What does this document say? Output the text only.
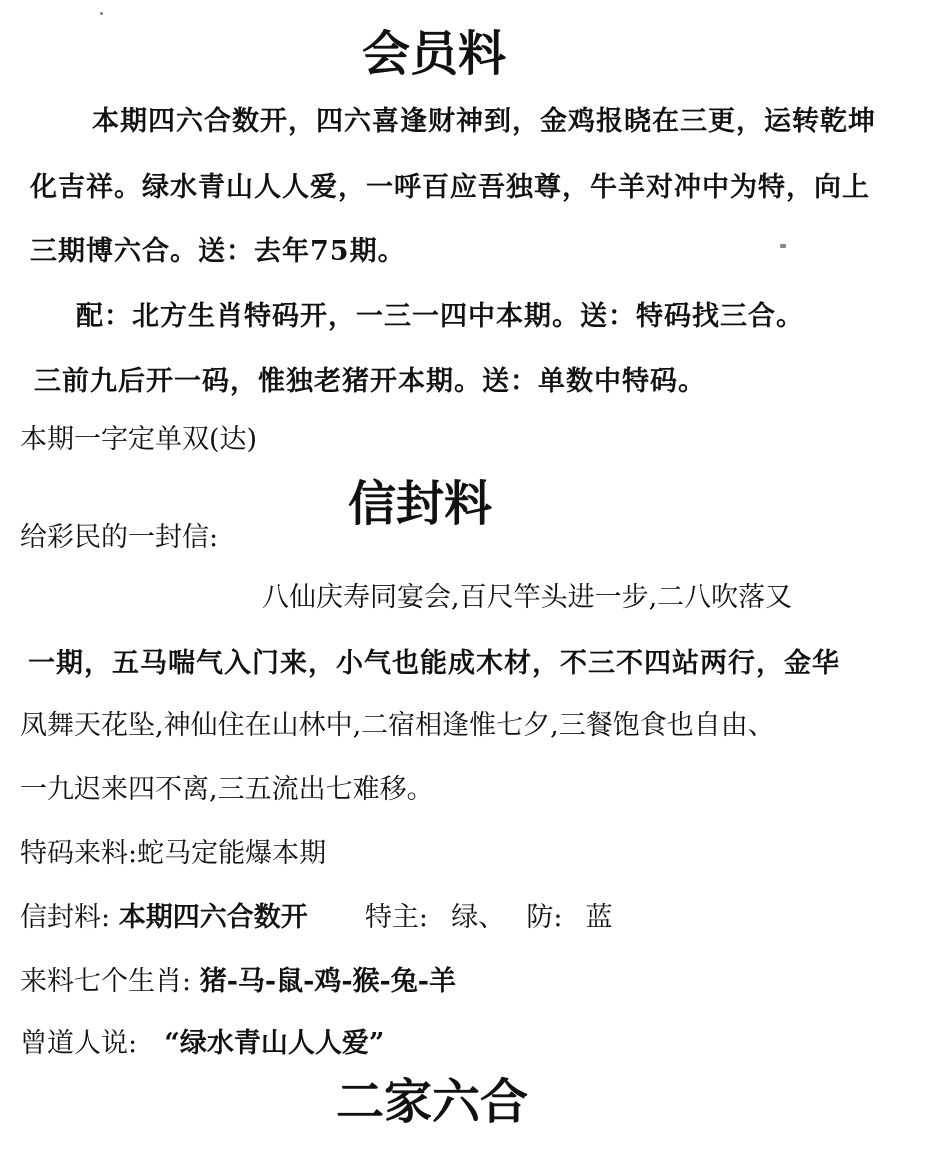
会员料
本期四六合数开，四六喜逢财神到，金鸡报晓在三更，运转乾坤
化吉祥。绿水青山人人爱，一呼百应吾独尊，牛羊对冲中为特，向上
三期博六合。送：去年75期。
配：北方生肖特码开，一三一四中本期。送：特码找三合。
三前九后开一码，惟独老猪开本期。送：单数中特码。
本期一字定单双(达)
信封料
给彩民的一封信:
八仙庆寿同宴会,百尺竿头进一步,二八吹落又
一期，五马喘气入门来，小气也能成木材，不三不四站两行，金华
凤舞天花坠,神仙住在山林中,二宿相逢惟七夕,三餐饱食也自由、
一九迟来四不离,三五流出七难移。
特码来料:蛇马定能爆本期
信封料: 本期四六合数开 特主: 绿、 防: 蓝
来料七个生肖: 猪-马-鼠-鸡-猴-兔-羊
曾道人说: “绿水青山人人爱”
二家六合
